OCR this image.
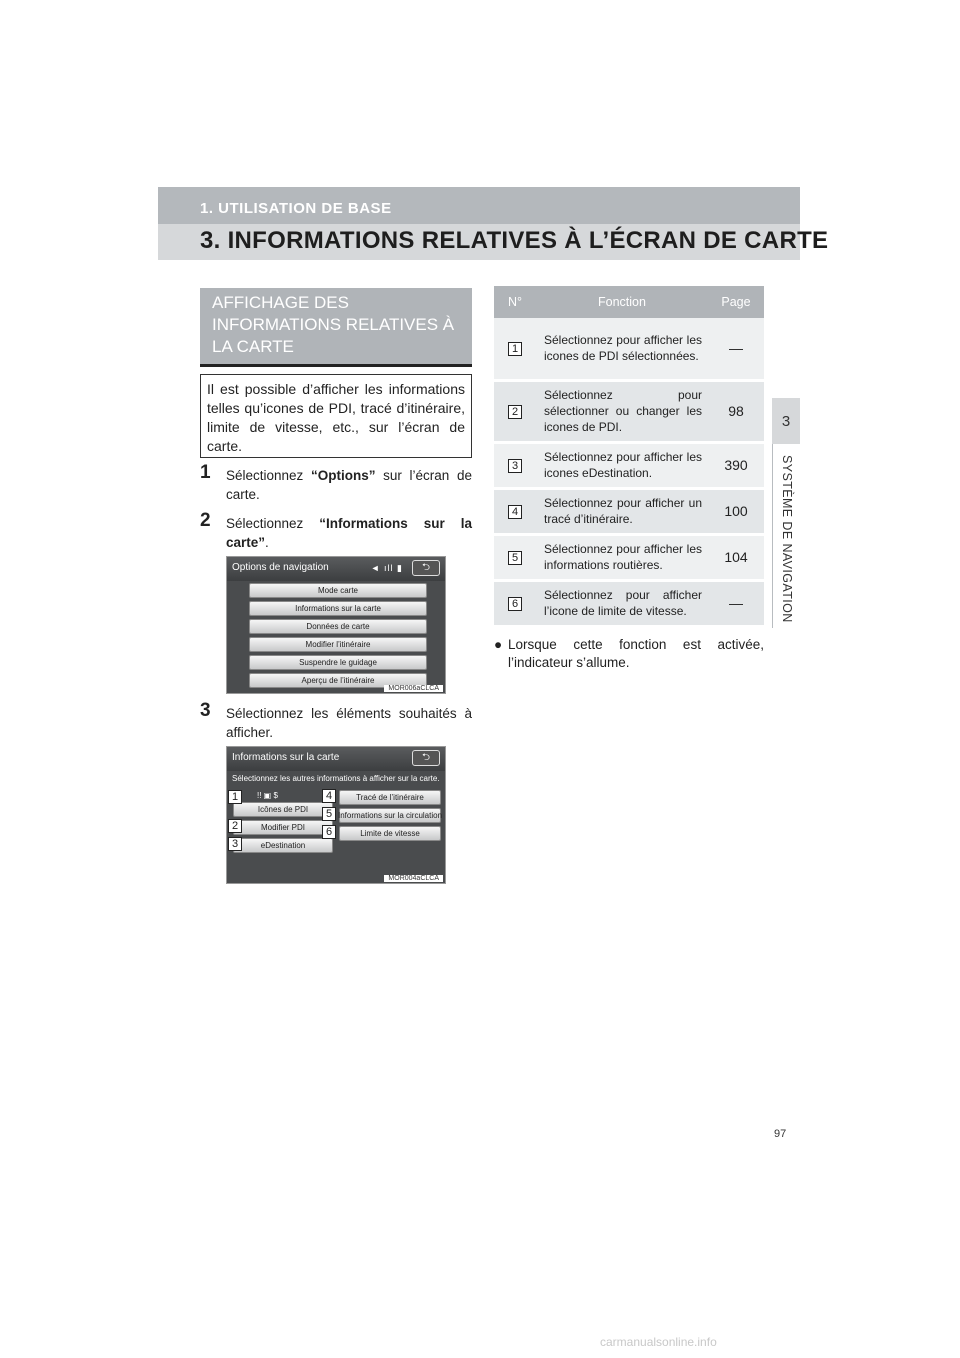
1. UTILISATION DE BASE
3. INFORMATIONS RELATIVES À L’ÉCRAN DE CARTE
3
SYSTÈME DE NAVIGATION
AFFICHAGE DES INFORMATIONS RELATIVES À LA CARTE
Il est possible d’afficher les informations telles qu’icones de PDI, tracé d’itinéraire, limite de vitesse, etc., sur l’écran de carte.
1	Sélectionnez “Options” sur l’écran de carte.
2	Sélectionnez “Informations sur la carte”.
Options de navigation	◄ ıll ▮	⮌
Mode carte
Informations sur la carte
Données de carte
Modifier l’itinéraire
Suspendre le guidage
Aperçu de l’itinéraire
MOR006aCLCA
3	Sélectionnez les éléments souhaités à afficher.
Informations sur la carte	⮌
Sélectionnez les autres informations à afficher sur la carte.
!! ▣ $
Icônes de PDI
Modifier PDI
eDestination
Tracé de l’itinéraire
Informations sur la circulation
Limite de vitesse
MOR004aCLCA
1
2
3
4
5
6
N°	Fonction	Page
1	Sélectionnez pour afficher les icones de PDI sélectionnées.	—
2	Sélectionnez pour sélectionner ou changer les icones de PDI.	98
3	Sélectionnez pour afficher les icones eDestination.	390
4	Sélectionnez pour afficher un tracé d’itinéraire.	100
5	Sélectionnez pour afficher les informations routières.	104
6	Sélectionnez pour afficher l’icone de limite de vitesse.	—
● Lorsque cette fonction est activée, l’indicateur s’allume.
97
carmanualsonline.info
